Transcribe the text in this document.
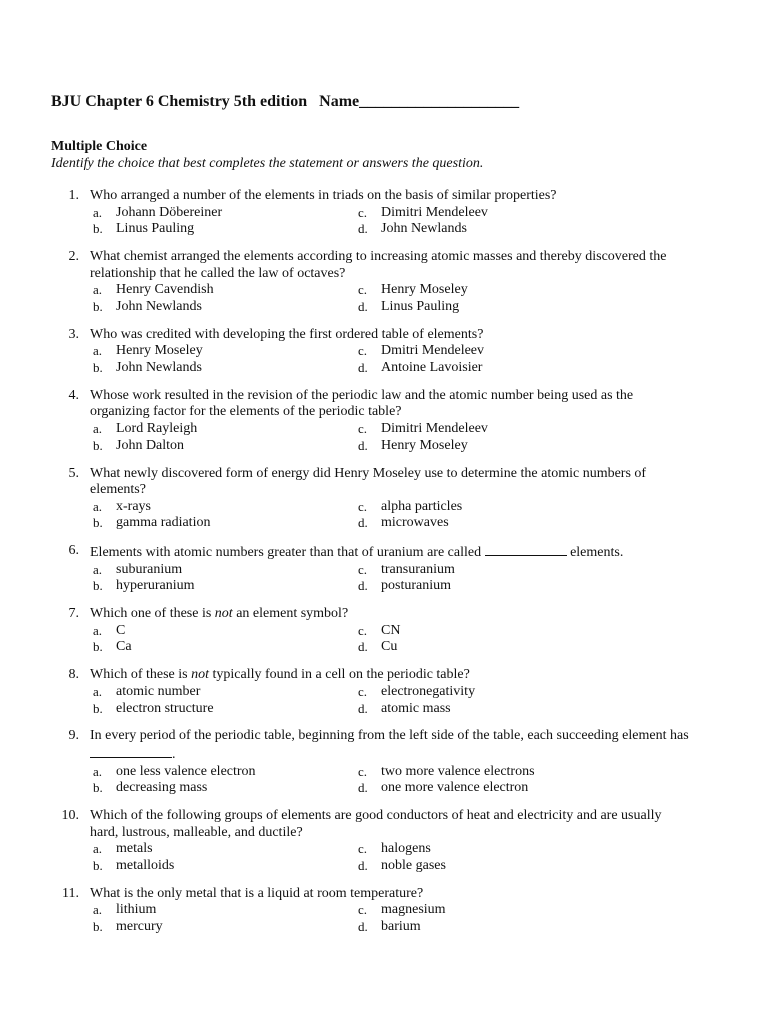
BJU Chapter 6 Chemistry 5th edition   Name____________________
Multiple Choice
Identify the choice that best completes the statement or answers the question.
1. Who arranged a number of the elements in triads on the basis of similar properties?
a. Johann Döbereiner	c. Dimitri Mendeleev
b. Linus Pauling	d. John Newlands
2. What chemist arranged the elements according to increasing atomic masses and thereby discovered the relationship that he called the law of octaves?
a. Henry Cavendish	c. Henry Moseley
b. John Newlands	d. Linus Pauling
3. Who was credited with developing the first ordered table of elements?
a. Henry Moseley	c. Dmitri Mendeleev
b. John Newlands	d. Antoine Lavoisier
4. Whose work resulted in the revision of the periodic law and the atomic number being used as the organizing factor for the elements of the periodic table?
a. Lord Rayleigh	c. Dimitri Mendeleev
b. John Dalton	d. Henry Moseley
5. What newly discovered form of energy did Henry Moseley use to determine the atomic numbers of elements?
a. x-rays	c. alpha particles
b. gamma radiation	d. microwaves
6. Elements with atomic numbers greater than that of uranium are called	elements.
a. suburanium	c. transuranium
b. hyperuranium	d. posturanium
7. Which one of these is not an element symbol?
a. C	c. CN
b. Ca	d. Cu
8. Which of these is not typically found in a cell on the periodic table?
a. atomic number	c. electronegativity
b. electron structure	d. atomic mass
9. In every period of the periodic table, beginning from the left side of the table, each succeeding element has .
a. one less valence electron	c. two more valence electrons
b. decreasing mass	d. one more valence electron
10. Which of the following groups of elements are good conductors of heat and electricity and are usually hard, lustrous, malleable, and ductile?
a. metals	c. halogens
b. metalloids	d. noble gases
11. What is the only metal that is a liquid at room temperature?
a. lithium	c. magnesium
b. mercury	d. barium
